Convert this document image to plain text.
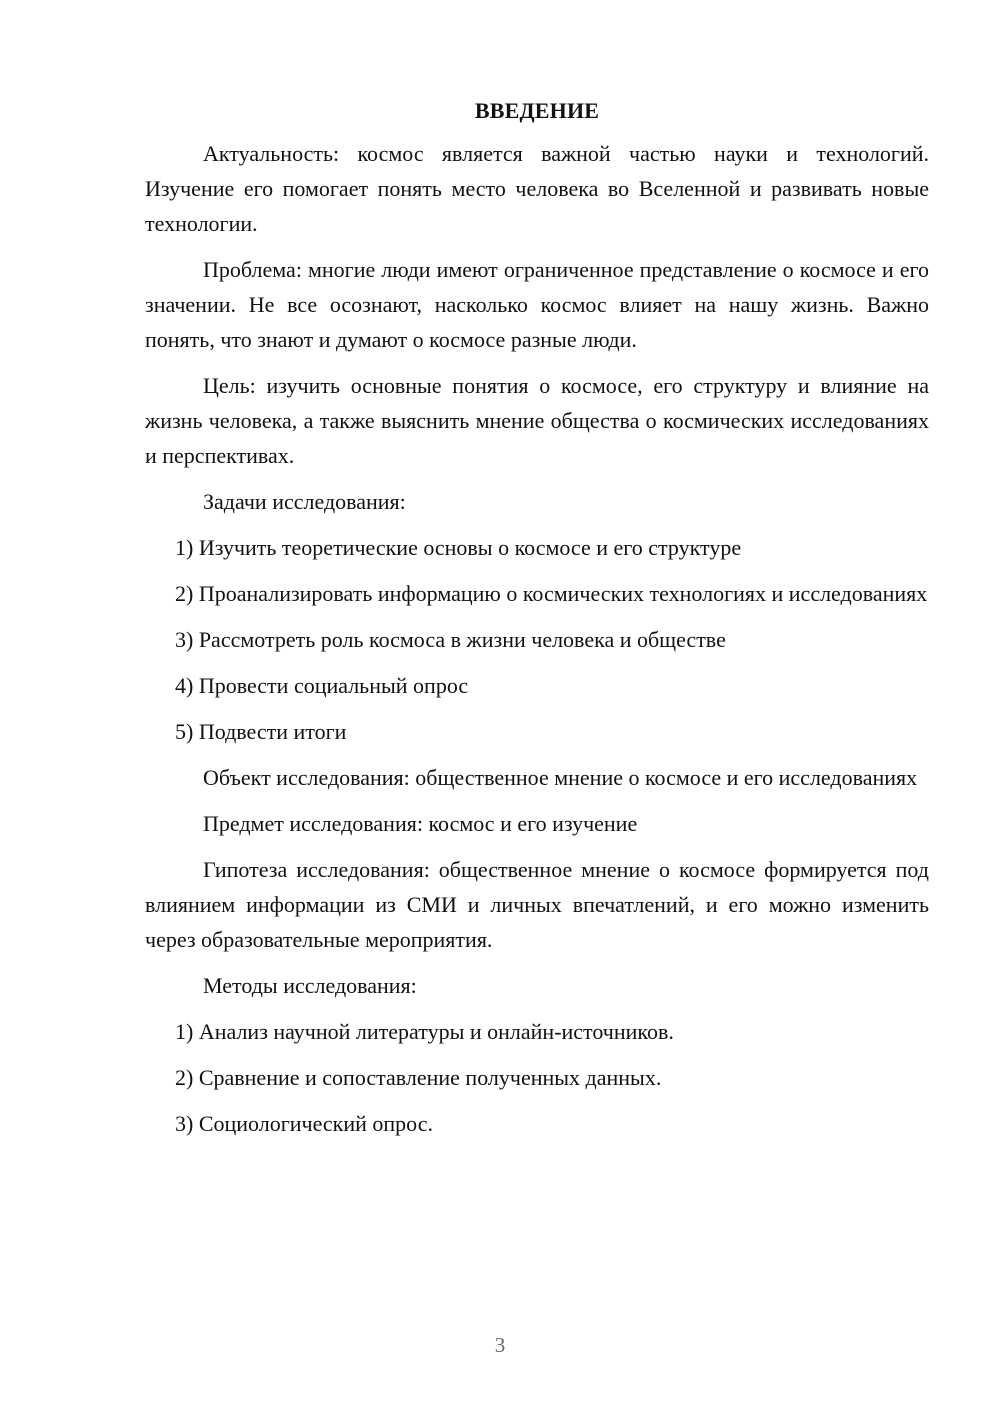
ВВЕДЕНИЕ

Актуальность: космос является важной частью науки и технологий. Изучение его помогает понять место человека во Вселенной и развивать новые технологии.

Проблема: многие люди имеют ограниченное представление о космосе и его значении. Не все осознают, насколько космос влияет на нашу жизнь. Важно понять, что знают и думают о космосе разные люди.

Цель: изучить основные понятия о космосе, его структуру и влияние на жизнь человека, а также выяснить мнение общества о космических исследованиях и перспективах.

Задачи исследования:

1) Изучить теоретические основы о космосе и его структуре

2) Проанализировать информацию о космических технологиях и исследованиях

3) Рассмотреть роль космоса в жизни человека и обществе

4) Провести социальный опрос

5) Подвести итоги

Объект исследования: общественное мнение о космосе и его исследованиях

Предмет исследования: космос и его изучение

Гипотеза исследования: общественное мнение о космосе формируется под влиянием информации из СМИ и личных впечатлений, и его можно изменить через образовательные мероприятия.

Методы исследования:

1) Анализ научной литературы и онлайн-источников.

2) Сравнение и сопоставление полученных данных.

3) Социологический опрос.

3
